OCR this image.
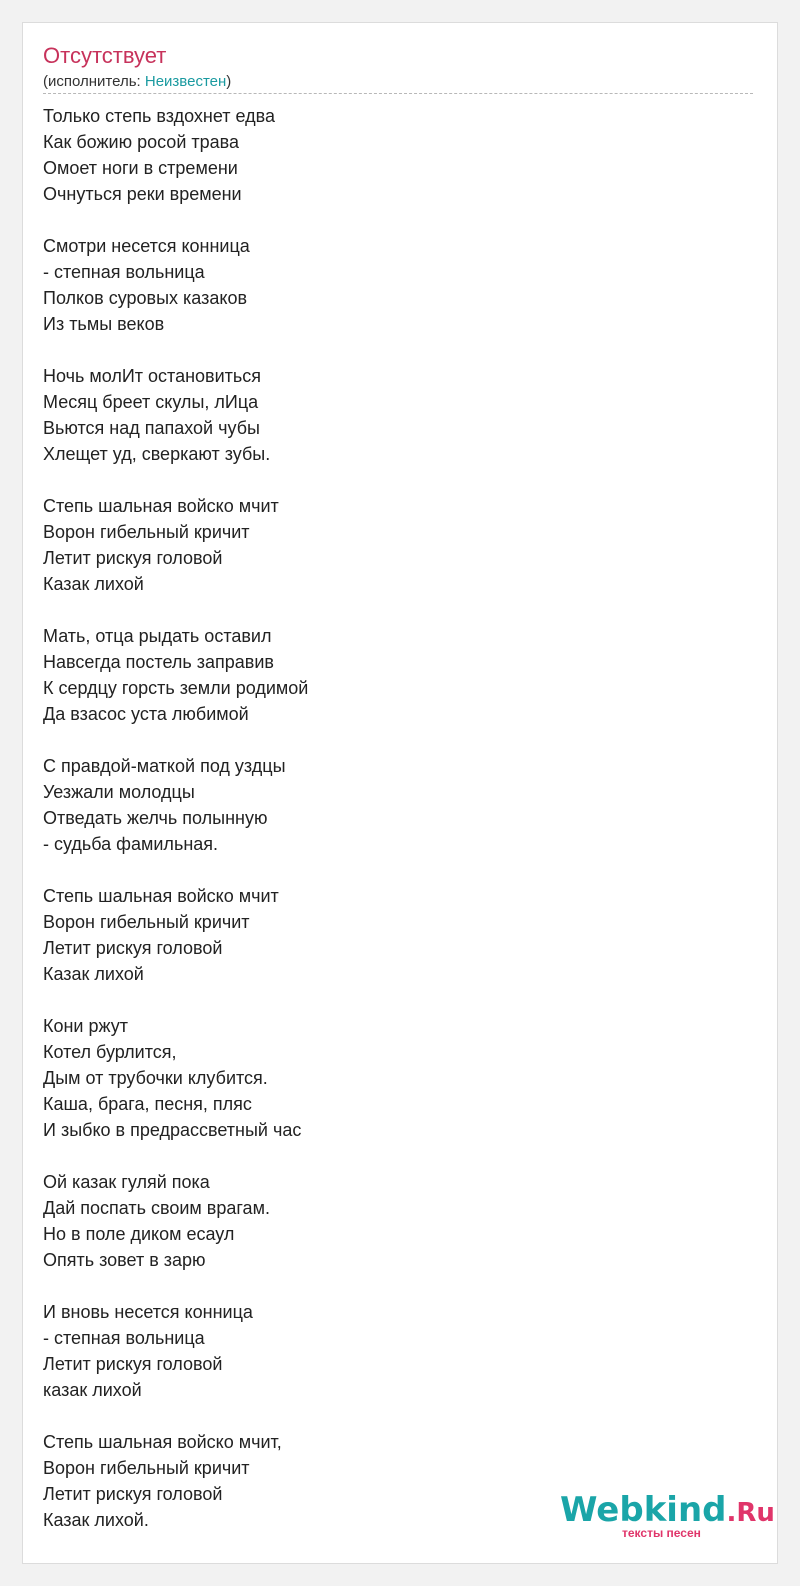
Отсутствует
(исполнитель: Неизвестен)
Только степь вздохнет едва
Как божию росой трава
Омоет ноги в стремени
Очнуться реки времени
Смотри несется конница
- степная вольница
Полков суровых казаков
Из тьмы веков
Ночь молИт остановиться
Месяц бреет скулы, лИца
Вьются над папахой чубы
Хлещет уд, сверкают зубы.
Степь шальная войско мчит
Ворон гибельный кричит
Летит рискуя головой
Казак лихой
Мать, отца рыдать оставил
Навсегда постель заправив
К сердцу горсть земли родимой
Да взасос уста любимой
С правдой-маткой под уздцы
Уезжали молодцы
Отведать желчь полынную
- судьба фамильная.
Степь шальная войско мчит
Ворон гибельный кричит
Летит рискуя головой
Казак лихой
Кони ржут
Котел бурлится,
Дым от трубочки клубится.
Каша, брага, песня, пляс
И зыбко в предрассветный час
Ой казак гуляй пока
Дай поспать своим врагам.
Но в поле диком есаул
Опять зовет в зарю
И вновь несется конница
- степная вольница
Летит рискуя головой
казак лихой
Степь шальная войско мчит,
Ворон гибельный кричит
Летит рискуя головой
Казак лихой.	Webkind.Ru
тексты песен
